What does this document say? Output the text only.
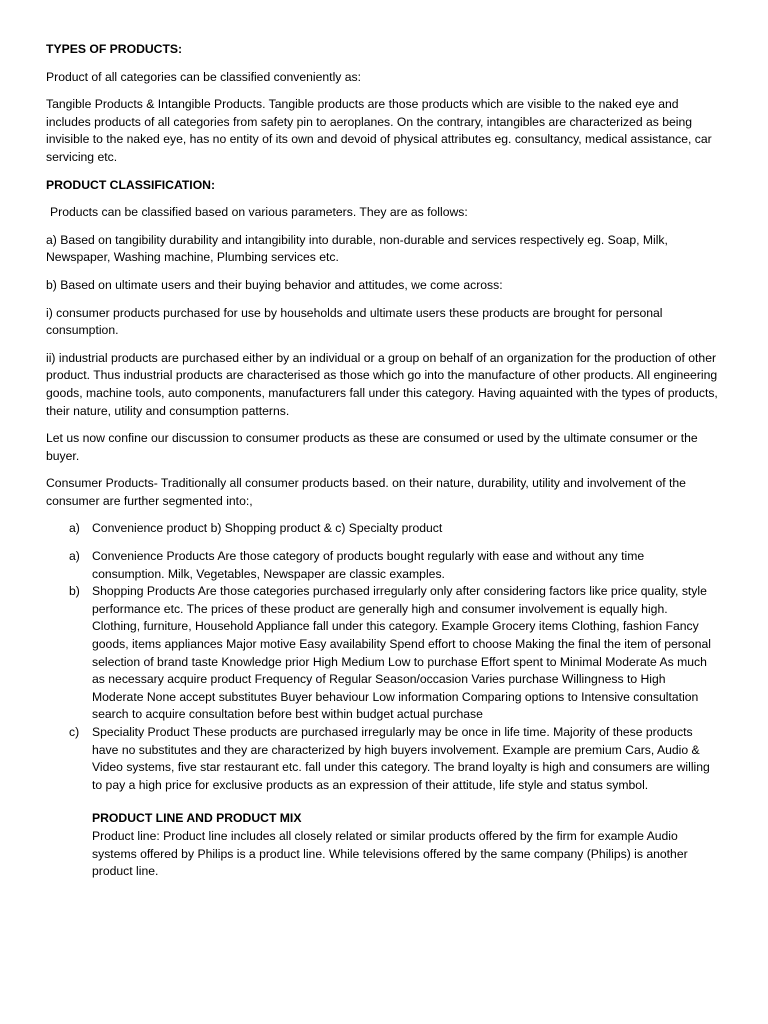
TYPES OF PRODUCTS:

Product of all categories can be classified conveniently as:

Tangible Products & Intangible Products. Tangible products are those products which are visible to the naked eye and includes products of all categories from safety pin to aeroplanes. On the contrary, intangibles are characterized as being invisible to the naked eye, has no entity of its own and devoid of physical attributes eg. consultancy, medical assistance, car servicing etc.

PRODUCT CLASSIFICATION:

Products can be classified based on various parameters. They are as follows:

a) Based on tangibility durability and intangibility into durable, non-durable and services respectively eg. Soap, Milk, Newspaper, Washing machine, Plumbing services etc.

b) Based on ultimate users and their buying behavior and attitudes, we come across:

i) consumer products purchased for use by households and ultimate users these products are brought for personal consumption.

ii) industrial products are purchased either by an individual or a group on behalf of an organization for the production of other product. Thus industrial products are characterised as those which go into the manufacture of other products. All engineering goods, machine tools, auto components, manufacturers fall under this category. Having aquainted with the types of products, their nature, utility and consumption patterns.

Let us now confine our discussion to consumer products as these are consumed or used by the ultimate consumer or the buyer.

Consumer Products- Traditionally all consumer products based. on their nature, durability, utility and involvement of the consumer are further segmented into:,

a) Convenience product b) Shopping product & c) Specialty product
a) Convenience Products Are those category of products bought regularly with ease and without any time consumption. Milk, Vegetables, Newspaper are classic examples.
b) Shopping Products Are those categories purchased irregularly only after considering factors like price quality, style performance etc. The prices of these product are generally high and consumer involvement is equally high. Clothing, furniture, Household Appliance fall under this category. Example Grocery items Clothing, fashion Fancy goods, items appliances Major motive Easy availability Spend effort to choose Making the final the item of personal selection of brand taste Knowledge prior High Medium Low to purchase Effort spent to Minimal Moderate As much as necessary acquire product Frequency of Regular Season/occasion Varies purchase Willingness to High Moderate None accept substitutes Buyer behaviour Low information Comparing options to Intensive consultation search to acquire consultation before best within budget actual purchase
c) Speciality Product These products are purchased irregularly may be once in life time. Majority of these products have no substitutes and they are characterized by high buyers involvement. Example are premium Cars, Audio & Video systems, five star restaurant etc. fall under this category. The brand loyalty is high and consumers are willing to pay a high price for exclusive products as an expression of their attitude, life style and status symbol.

PRODUCT LINE AND PRODUCT MIX

Product line: Product line includes all closely related or similar products offered by the firm for example Audio systems offered by Philips is a product line. While televisions offered by the same company (Philips) is another product line.
